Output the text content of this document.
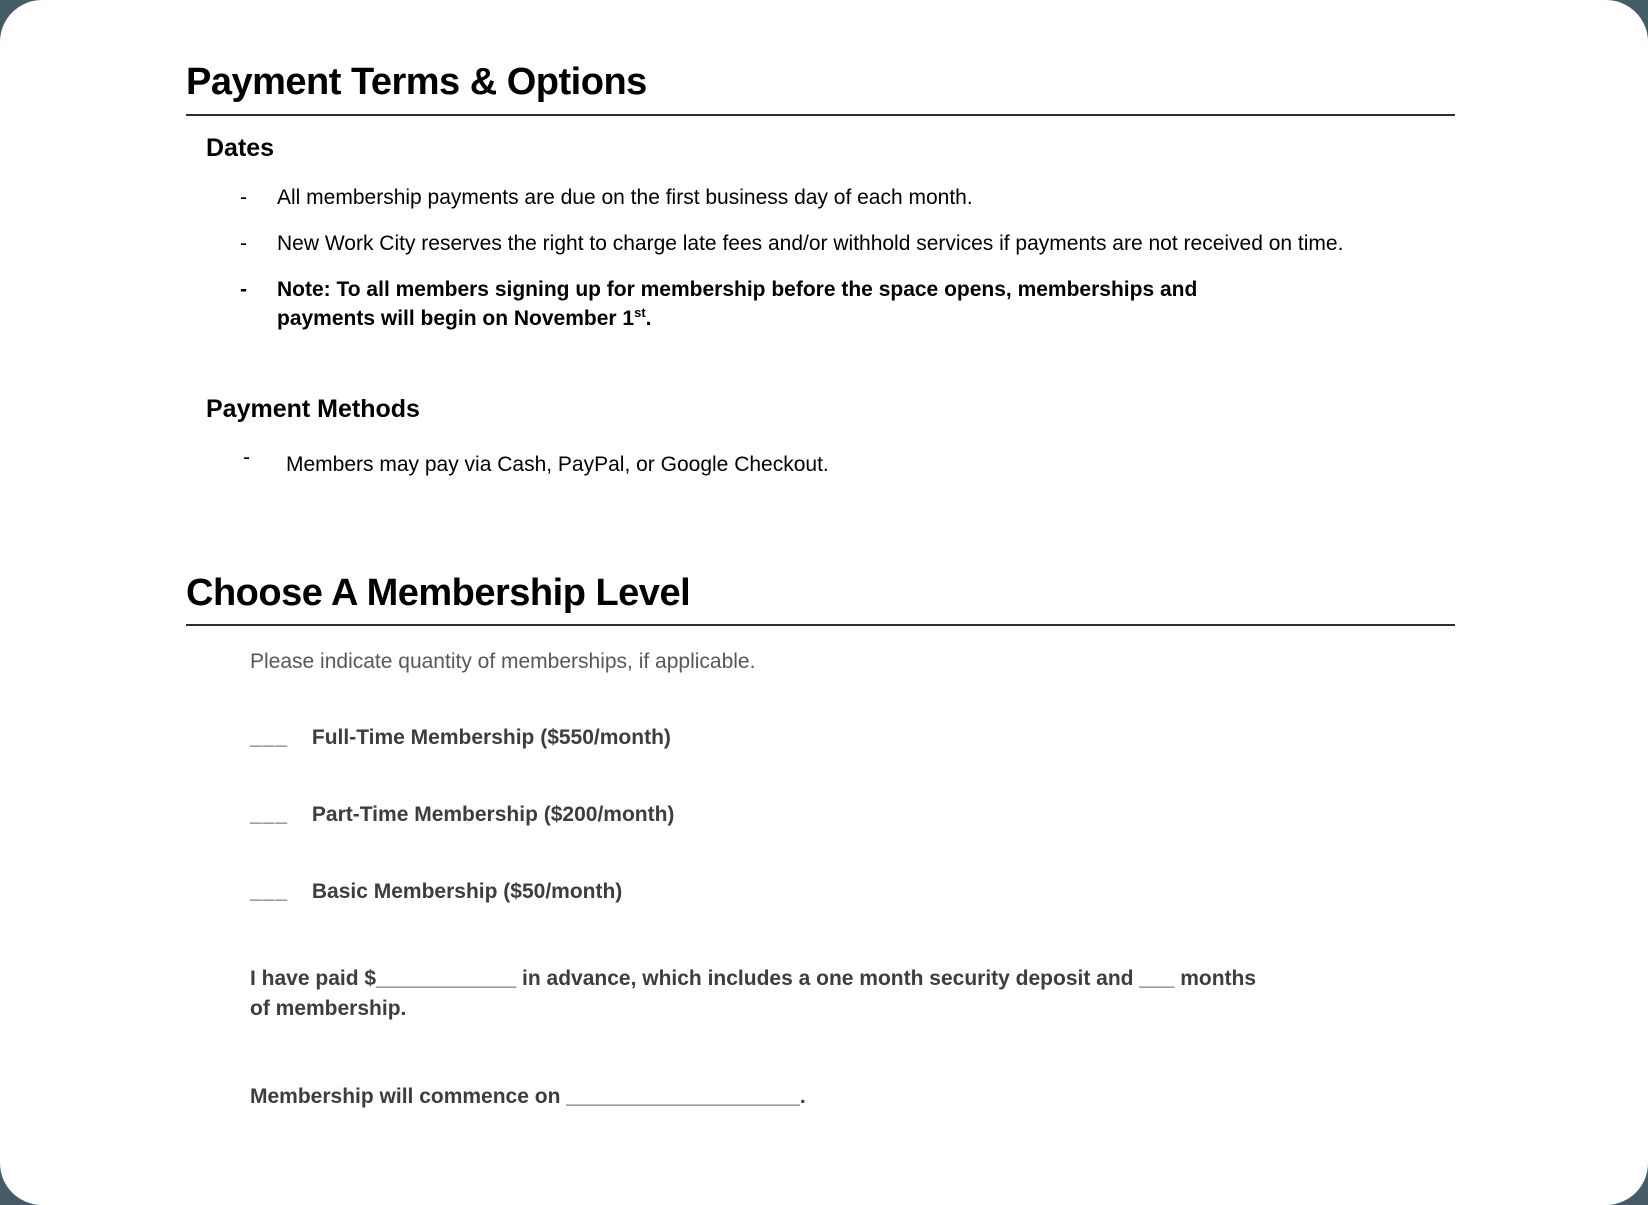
Payment Terms & Options
Dates
-	All membership payments are due on the first business day of each month.
-	New Work City reserves the right to charge late fees and/or withhold services if payments are not received on time.
-	Note: To all members signing up for membership before the space opens, memberships and payments will begin on November 1st.
Payment Methods
-	Members may pay via Cash, PayPal, or Google Checkout.
Choose A Membership Level

Please indicate quantity of memberships, if applicable.

___ Full-Time Membership ($550/month)
___ Part-Time Membership ($200/month)
___ Basic Membership ($50/month)

I have paid $____________ in advance, which includes a one month security deposit and ___ months of membership.

Membership will commence on ____________________.
